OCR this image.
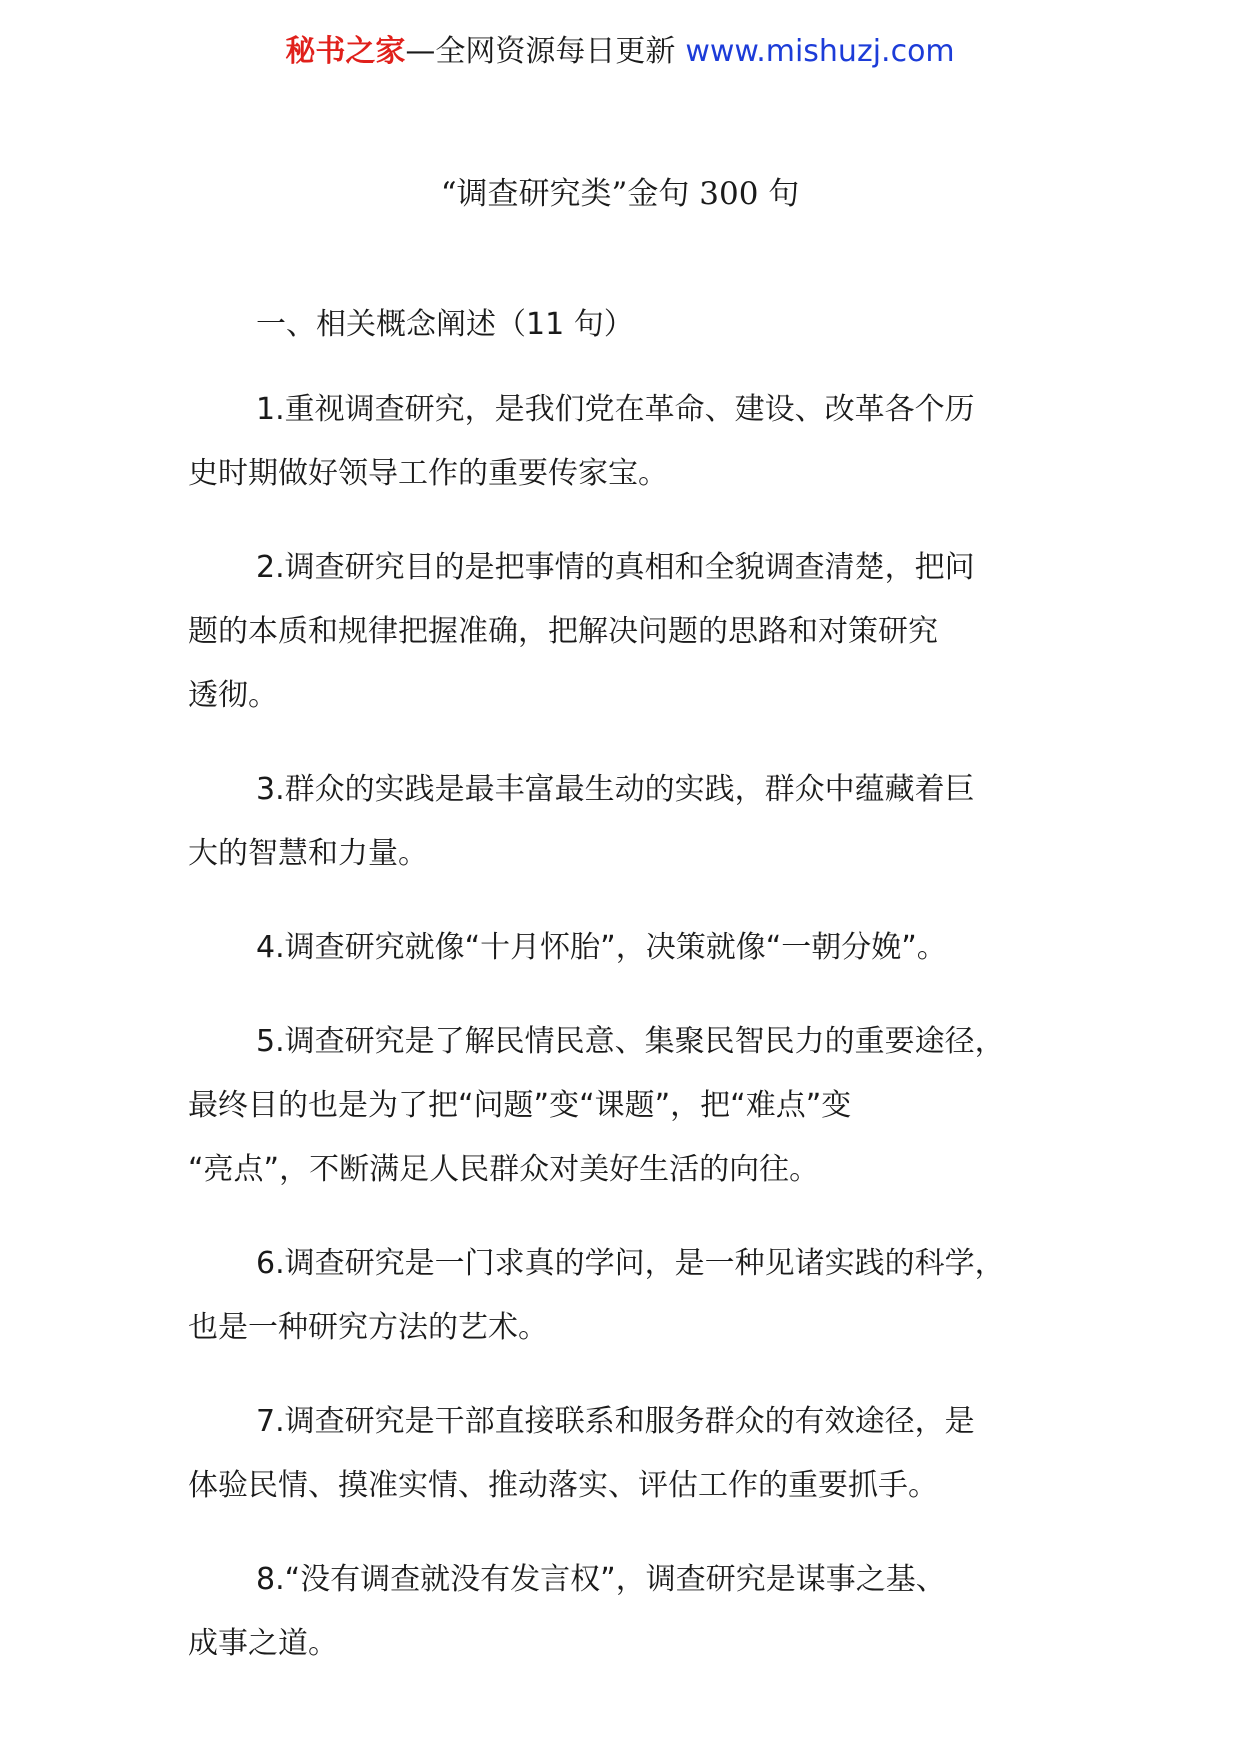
秘书之家—全网资源每日更新 www.mishuzj.com
“调查研究类”金句 300 句
一、相关概念阐述（11 句）

1.重视调查研究，是我们党在革命、建设、改革各个历
史时期做好领导工作的重要传家宝。

2.调查研究目的是把事情的真相和全貌调查清楚，把问
题的本质和规律把握准确，把解决问题的思路和对策研究
透彻。

3.群众的实践是最丰富最生动的实践，群众中蕴藏着巨
大的智慧和力量。

4.调查研究就像“十月怀胎”，决策就像“一朝分娩”。

5.调查研究是了解民情民意、集聚民智民力的重要途径，
最终目的也是为了把“问题”变“课题”，把“难点”变
“亮点”，不断满足人民群众对美好生活的向往。

6.调查研究是一门求真的学问，是一种见诸实践的科学，
也是一种研究方法的艺术。

7.调查研究是干部直接联系和服务群众的有效途径，是
体验民情、摸准实情、推动落实、评估工作的重要抓手。

8.“没有调查就没有发言权”，调查研究是谋事之基、
成事之道。
